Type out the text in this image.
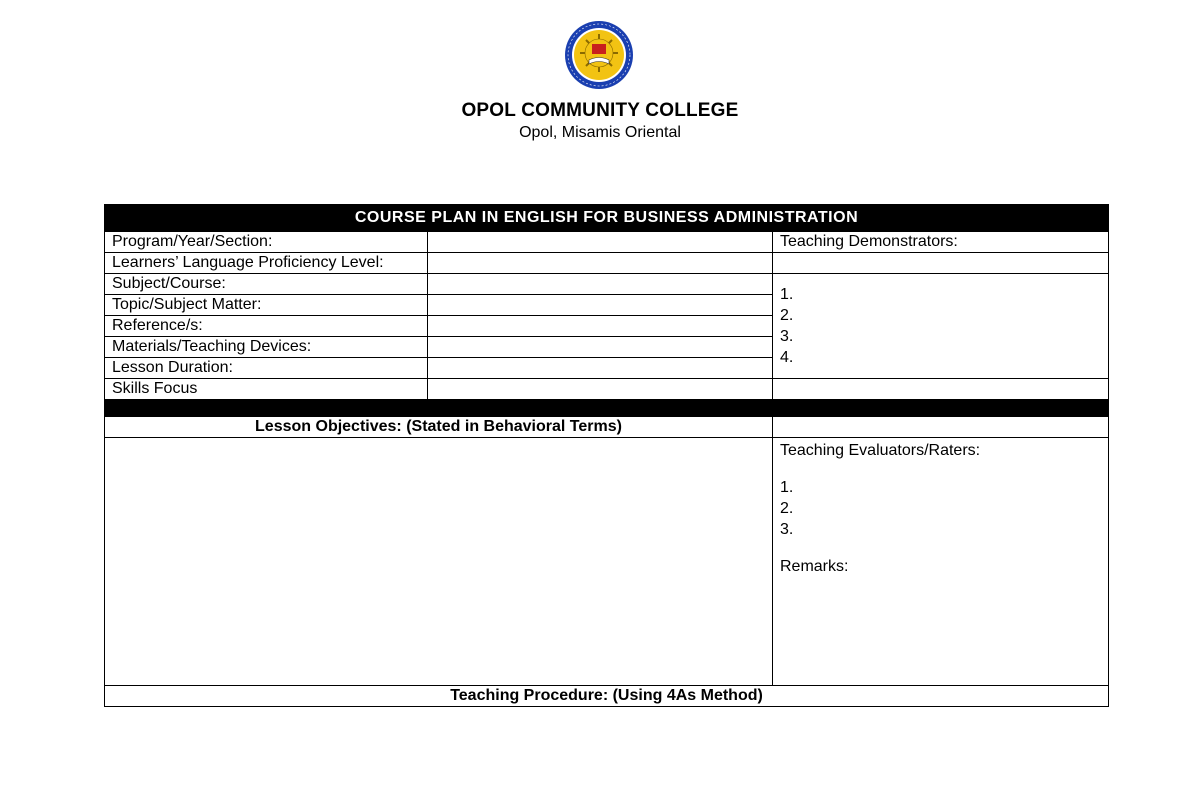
OPOL COMMUNITY COLLEGE
Opol, Misamis Oriental
COURSE PLAN IN ENGLISH FOR BUSINESS ADMINISTRATION		
Program/Year/Section:		Teaching Demonstrators:
Learners’ Language Proficiency Level:		
Subject/Course:		1.
2.
3.
4.

Topic/Subject Matter:		
Reference/s:		
Materials/Teaching Devices:		
Lesson Duration:		
Skills Focus		

Lesson Objectives: (Stated in Behavioral Terms)		

		Teaching Evaluators/Raters:
1.
2.
3.
Remarks:

Teaching Procedure: (Using 4As Method)		
